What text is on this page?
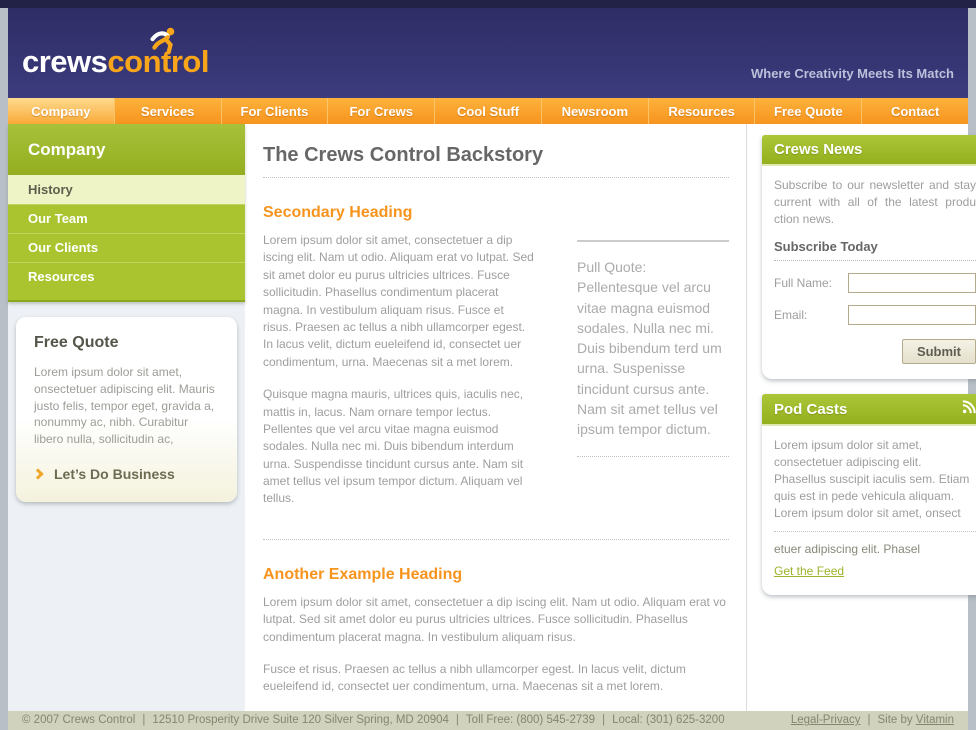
crewscontrol	Where Creativity Meets Its Match
Company	Services	For Clients	For Crews	Cool Stuff	Newsroom	Resources	Free Quote	Contact
Company
History
Our Team
Our Clients
Resources
Free Quote

Lorem ipsum dolor sit amet, onsectetuer adipiscing elit. Mauris justo felis, tempor eget, gravida a, nonummy ac, nibh. Curabitur libero nulla, sollicitudin ac,

Let’s Do Business
The Crews Control Backstory
Secondary Heading

Lorem ipsum dolor sit amet, consectetuer a dip iscing elit. Nam ut odio. Aliquam erat vo lutpat. Sed sit amet dolor eu purus ultricies ultrices. Fusce sollicitudin. Phasellus condimentum placerat magna. In vestibulum aliquam risus. Fusce et risus. Praesen ac tellus a nibh ullamcorper egest. In lacus velit, dictum eueleifend id, consectet uer condimentum, urna. Maecenas sit a met lorem.

Quisque magna mauris, ultrices quis, iaculis nec, mattis in, lacus. Nam ornare tempor lectus. Pellentes que vel arcu vitae magna euismod sodales. Nulla nec mi. Duis bibendum interdum urna. Suspendisse tincidunt cursus ante. Nam sit amet tellus vel ipsum tempor dictum. Aliquam vel tellus.

Pull Quote: Pellentesque vel arcu vitae magna euismod sodales. Nulla nec mi. Duis bibendum terd um urna. Suspenisse tincidunt cursus ante. Nam sit amet tellus vel ipsum tempor dictum.
Another Example Heading

Lorem ipsum dolor sit amet, consectetuer a dip iscing elit. Nam ut odio. Aliquam erat vo lutpat. Sed sit amet dolor eu purus ultricies ultrices. Fusce sollicitudin. Phasellus condimentum placerat magna. In vestibulum aliquam risus.

Fusce et risus. Praesen ac tellus a nibh ullamcorper egest. In lacus velit, dictum eueleifend id, consectet uer condimentum, urna. Maecenas sit a met lorem.

Crews News

Subscribe to our newsletter and stay current with all of the latest produ ction news.

Subscribe Today
Full Name:
Email:
Submit
Pod Casts

Lorem ipsum dolor sit amet, consectetuer adipiscing elit. Phasellus suscipit iaculis sem. Etiam quis est in pede vehicula aliquam. Lorem ipsum dolor sit amet, onsect

etuer adipiscing elit. Phasel

Get the Feed
© 2007 Crews Control | 12510 Prosperity Drive Suite 120 Silver Spring, MD 20904 | Toll Free: (800) 545-2739 | Local: (301) 625-3200	Legal-Privacy | Site by Vitamin
